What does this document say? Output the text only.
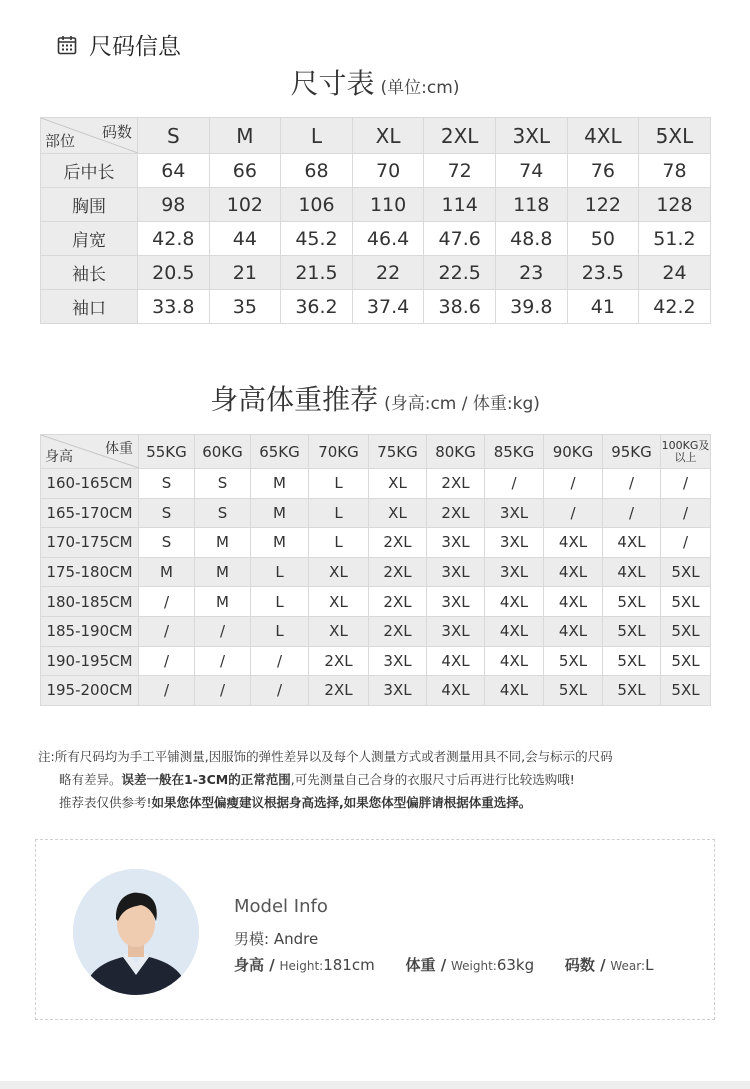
尺码信息
尺寸表 (单位:cm)
码数
部位	S	M	L	XL	2XL	3XL	4XL	5XL
后中长	64	66	68	70	72	74	76	78
胸围	98	102	106	110	114	118	122	128
肩宽	42.8	44	45.2	46.4	47.6	48.8	50	51.2
袖长	20.5	21	21.5	22	22.5	23	23.5	24
袖口	33.8	35	36.2	37.4	38.6	39.8	41	42.2
身高体重推荐 (身高:cm / 体重:kg)
体重
身高	55KG	60KG	65KG	70KG	75KG	80KG	85KG	90KG	95KG	100KG及
以上

160-165CM	S	S	M	L	XL	2XL	/	/	/	/
165-170CM	S	S	M	L	XL	2XL	3XL	/	/	/
170-175CM	S	M	M	L	2XL	3XL	3XL	4XL	4XL	/
175-180CM	M	M	L	XL	2XL	3XL	3XL	4XL	4XL	5XL
180-185CM	/	M	L	XL	2XL	3XL	4XL	4XL	5XL	5XL
185-190CM	/	/	L	XL	2XL	3XL	4XL	4XL	5XL	5XL
190-195CM	/	/	/	2XL	3XL	4XL	4XL	5XL	5XL	5XL
195-200CM	/	/	/	2XL	3XL	4XL	4XL	5XL	5XL	5XL
注:所有尺码均为手工平铺测量,因服饰的弹性差异以及每个人测量方式或者测量用具不同,会与标示的尺码
略有差异。误差一般在1-3CM的正常范围,可先测量自己合身的衣服尺寸后再进行比较选购哦!
推荐表仅供参考!如果您体型偏瘦建议根据身高选择,如果您体型偏胖请根据体重选择。
Model Info
男模: Andre
身高 / Height:181cm 体重 / Weight:63kg 码数 / Wear:L
